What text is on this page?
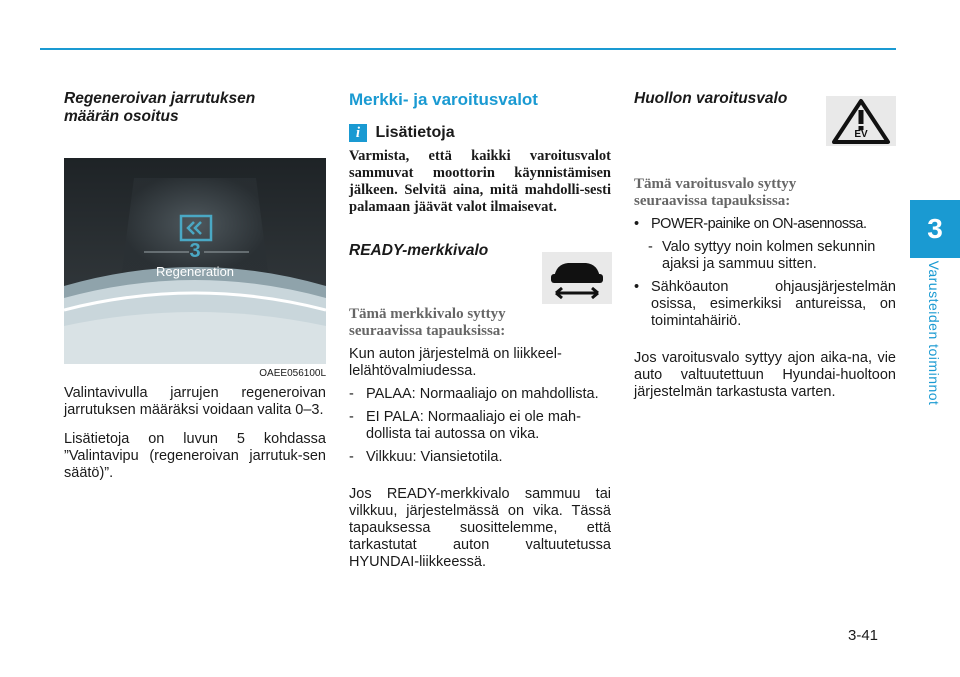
3
Varusteiden toiminnot
Regeneroivan jarrutuksen määrän osoitus
3
Regeneration
OAEE056100L

Valintavivulla jarrujen regeneroivan jarrutuksen määräksi voidaan valita 0–3.

Lisätietoja on luvun 5 kohdassa ”Valintavipu (regeneroivan jarrutuk-sen säätö)”.

Merkki- ja varoitusvalot
i Lisätietoja

Varmista, että kaikki varoitusvalot sammuvat moottorin käynnistämisen jälkeen. Selvitä aina, mitä mahdolli-sesti palamaan jäävät valot ilmaisevat.

READY-merkkivalo
Tämä merkkivalo syttyy seuraavissa tapauksissa:

Kun auton järjestelmä on liikkeel-lelähtövalmiudessa.

- PALAA: Normaaliajo on mahdollista.
- EI PALA: Normaaliajo ei ole mah-dollista tai autossa on vika.
- Vilkkuu: Viansietotila.

Jos READY-merkkivalo sammuu tai vilkkuu, järjestelmässä on vika. Tässä tapauksessa suosittelemme, että tarkastutat auton valtuutetussa HYUNDAI-liikkeessä.

Huollon varoitusvalo
Tämä varoitusvalo syttyy seuraavissa tapauksissa:
• POWER-painike on ON-asennossa.
- Valo syttyy noin kolmen sekunnin ajaksi ja sammuu sitten.
• Sähköauton ohjausjärjestelmän osissa, esimerkiksi antureissa, on toimintahäiriö.

Jos varoitusvalo syttyy ajon aika-na, vie auto valtuutettuun Hyundai-huoltoon järjestelmän tarkastusta varten.

EV
3-41
